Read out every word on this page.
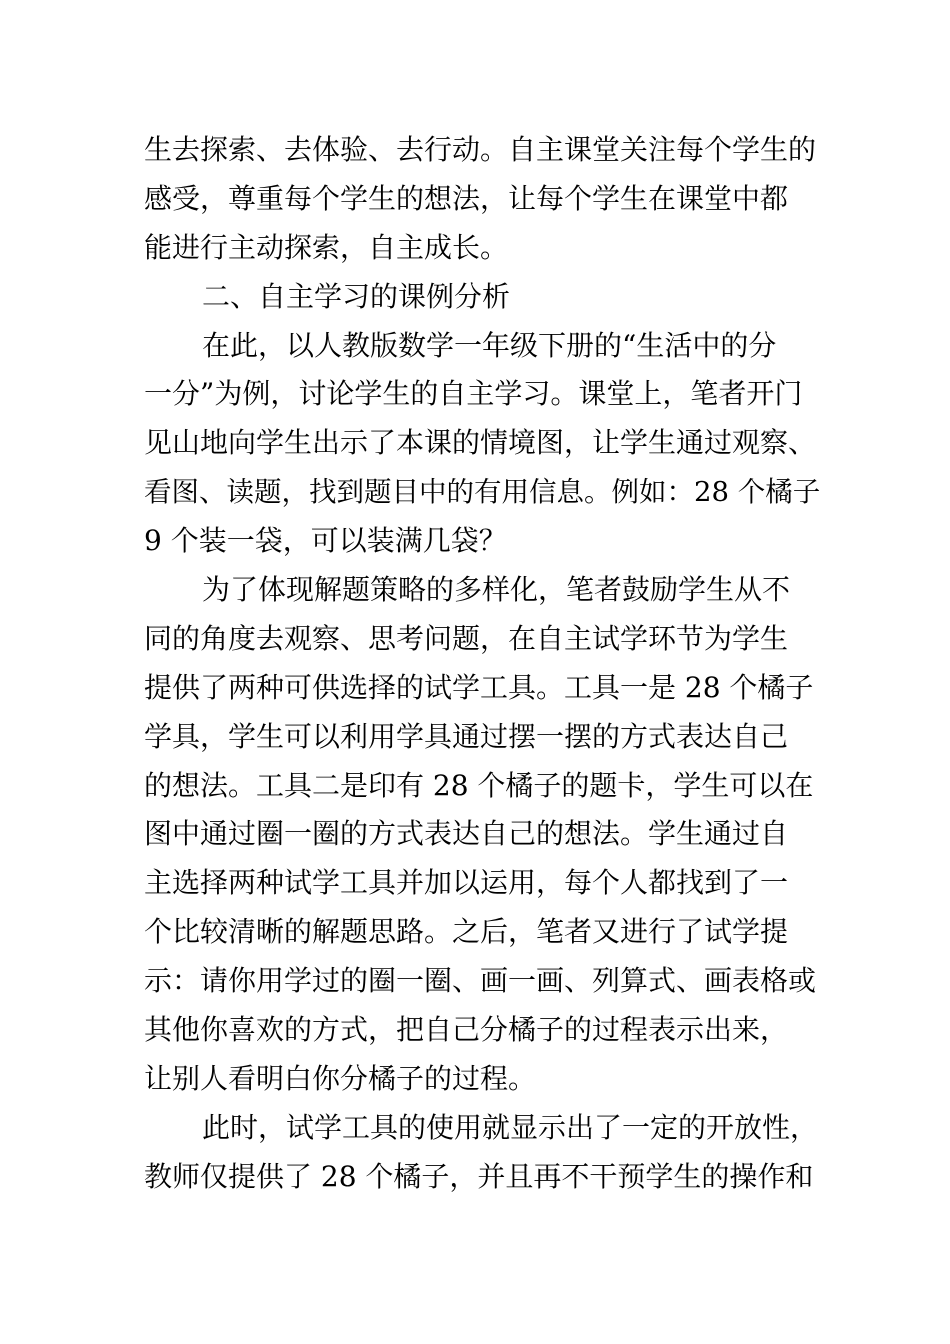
生去探索、去体验、去行动。自主课堂关注每个学生的
感受，尊重每个学生的想法，让每个学生在课堂中都
能进行主动探索，自主成长。
二、自主学习的课例分析
在此，以人教版数学一年级下册的“生活中的分
一分”为例，讨论学生的自主学习。课堂上，笔者开门
见山地向学生出示了本课的情境图，让学生通过观察、
看图、读题，找到题目中的有用信息。例如：28 个橘子
9 个装一袋，可以装满几袋？
为了体现解题策略的多样化，笔者鼓励学生从不
同的角度去观察、思考问题，在自主试学环节为学生
提供了两种可供选择的试学工具。工具一是 28 个橘子
学具，学生可以利用学具通过摆一摆的方式表达自己
的想法。工具二是印有 28 个橘子的题卡，学生可以在
图中通过圈一圈的方式表达自己的想法。学生通过自
主选择两种试学工具并加以运用，每个人都找到了一
个比较清晰的解题思路。之后，笔者又进行了试学提
示：请你用学过的圈一圈、画一画、列算式、画表格或
其他你喜欢的方式，把自己分橘子的过程表示出来，
让别人看明白你分橘子的过程。
此时，试学工具的使用就显示出了一定的开放性，
教师仅提供了 28 个橘子，并且再不干预学生的操作和
